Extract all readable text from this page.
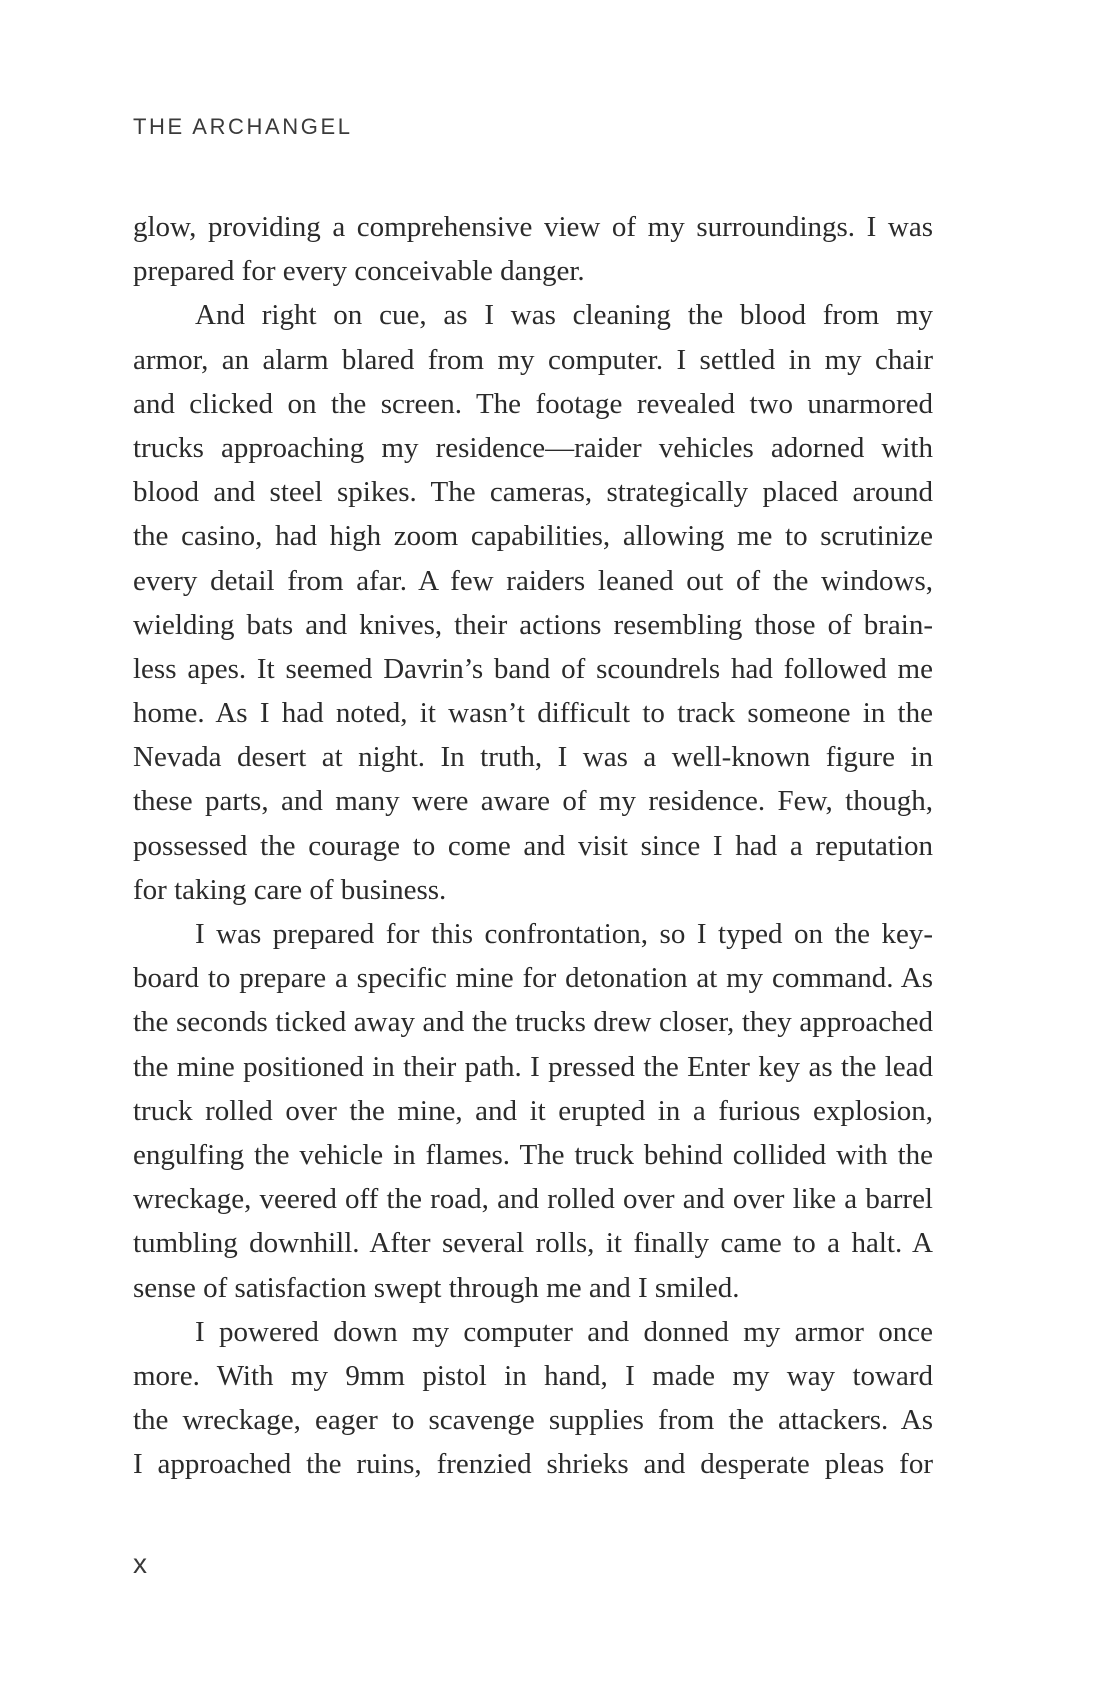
THE ARCHANGEL
glow, providing a comprehensive view of my surroundings. I was
prepared for every conceivable danger.
And right on cue, as I was cleaning the blood from my
armor, an alarm blared from my computer. I settled in my chair
and clicked on the screen. The footage revealed two unarmored
trucks approaching my residence—raider vehicles adorned with
blood and steel spikes. The cameras, strategically placed around
the casino, had high zoom capabilities, allowing me to scrutinize
every detail from afar. A few raiders leaned out of the windows,
wielding bats and knives, their actions resembling those of brain-
less apes. It seemed Davrin’s band of scoundrels had followed me
home. As I had noted, it wasn’t difficult to track someone in the
Nevada desert at night. In truth, I was a well-known figure in
these parts, and many were aware of my residence. Few, though,
possessed the courage to come and visit since I had a reputation
for taking care of business.
I was prepared for this confrontation, so I typed on the key-
board to prepare a specific mine for detonation at my command. As
the seconds ticked away and the trucks drew closer, they approached
the mine positioned in their path. I pressed the Enter key as the lead
truck rolled over the mine, and it erupted in a furious explosion,
engulfing the vehicle in flames. The truck behind collided with the
wreckage, veered off the road, and rolled over and over like a barrel
tumbling downhill. After several rolls, it finally came to a halt. A
sense of satisfaction swept through me and I smiled.
I powered down my computer and donned my armor once
more. With my 9mm pistol in hand, I made my way toward
the wreckage, eager to scavenge supplies from the attackers. As
I approached the ruins, frenzied shrieks and desperate pleas for
x
